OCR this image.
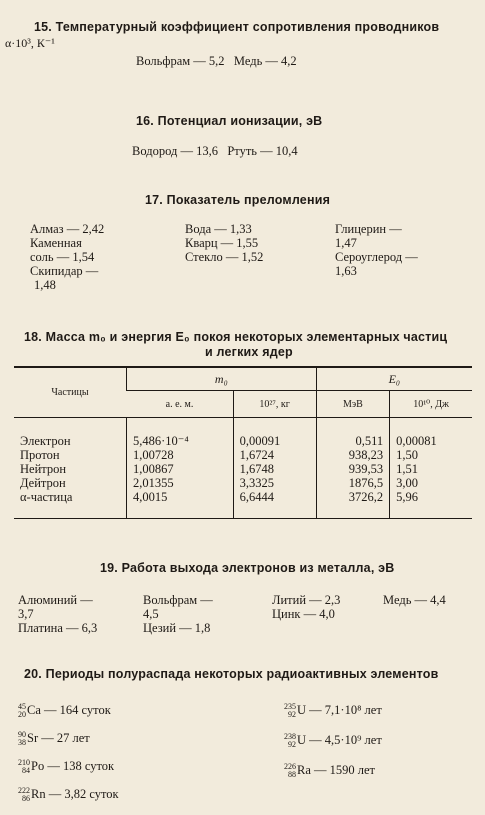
15. Температурный коэффициент сопротивления проводников
α·10³, К⁻¹
Вольфрам — 5,2   Медь — 4,2
16. Потенциал ионизации, эВ
Водород — 13,6   Ртуть — 10,4
17. Показатель преломления
Алмаз — 2,42
Каменная
соль — 1,54
Скипидар —
1,48
Вода — 1,33
Кварц — 1,55
Стекло — 1,52
Глицерин —
1,47
Сероуглерод —
1,63
18. Масса m₀ и энергия E₀ покоя некоторых элементарных частиц
и легких ядер
Частицы	m₀		E₀	
	а. е. м.	10²⁷, кг	МэВ	10¹⁰, Дж
Электрон	5,486·10⁻⁴	0,00091	0,511	0,00081
Протон	1,00728	1,6724	938,23	1,50
Нейтрон	1,00867	1,6748	939,53	1,51
Дейтрон	2,01355	3,3325	1876,5	3,00
α-частица	4,0015	6,6444	3726,2	5,96
19. Работа выхода электронов из металла, эВ
Алюминий —
3,7
Платина — 6,3
Вольфрам —
4,5
Цезий — 1,8
Литий — 2,3
Цинк — 4,0
Медь — 4,4
20. Периоды полураспада некоторых радиоактивных элементов
45
20 Ca — 164 суток
90
38 Sr — 27 лет
210
84 Po — 138 суток
222
86 Rn — 3,82 суток
235
92 U — 7,1·10⁸ лет
238
92 U — 4,5·10⁹ лет
226
88 Ra — 1590 лет
